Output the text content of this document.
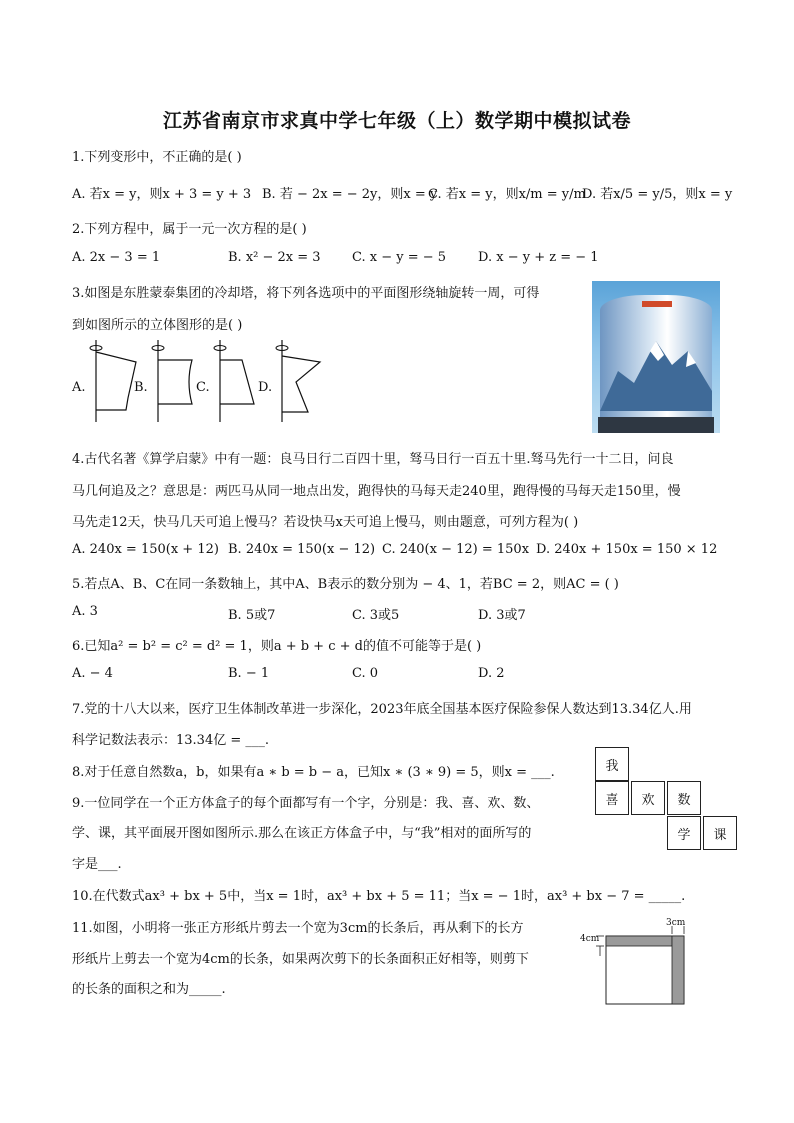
江苏省南京市求真中学七年级（上）数学期中模拟试卷
1.下列变形中，不正确的是( )
A. 若x = y，则x + 3 = y + 3 B. 若 − 2x = − 2y，则x = y
C. 若x = y，则x/m = y/m
D. 若x/5 = y/5，则x = y
2.下列方程中，属于一元一次方程的是( )
A. 2x − 3 = 1	B. x² − 2x = 3 C. x − y = − 5 D. x − y + z = − 1
3.如图是东胜蒙泰集团的冷却塔，将下列各选项中的平面图形绕轴旋转一周，可得
到如图所示的立体图形的是( )
A.	B.	C.	D.
4.古代名著《算学启蒙》中有一题：良马日行二百四十里，驽马日行一百五十里.驽马先行一十二日，问良
马几何追及之？意思是：两匹马从同一地点出发，跑得快的马每天走240里，跑得慢的马每天走150里，慢
马先走12天，快马几天可追上慢马？若设快马x天可追上慢马，则由题意，可列方程为( )
A. 240x = 150(x + 12) B. 240x = 150(x − 12) C. 240(x − 12) = 150x D. 240x + 150x = 150 × 12
5.若点A、B、C在同一条数轴上，其中A、B表示的数分别为 − 4、1，若BC = 2，则AC = ( )
A. 3	B. 5或7	C. 3或5	D. 3或7
6.已知a² = b² = c² = d² = 1，则a + b + c + d的值不可能等于是( )
A. − 4	B. − 1	C. 0	D. 2
7.党的十八大以来，医疗卫生体制改革进一步深化，2023年底全国基本医疗保险参保人数达到13.34亿人.用
科学记数法表示：13.34亿 = ___.
8.对于任意自然数a，b，如果有a ∗ b = b − a，已知x ∗ (3 ∗ 9) = 5，则x = ___.
9.一位同学在一个正方体盒子的每个面都写有一个字，分别是：我、喜、欢、数、
学、课，其平面展开图如图所示.那么在该正方体盒子中，与“我”相对的面所写的
字是___.
我
喜	欢	数
学	课
10.在代数式ax³ + bx + 5中，当x = 1时，ax³ + bx + 5 = 11；当x = − 1时，ax³ + bx − 7 = _____.
11.如图，小明将一张正方形纸片剪去一个宽为3cm的长条后，再从剩下的长方
形纸片上剪去一个宽为4cm的长条，如果两次剪下的长条面积正好相等，则剪下
的长条的面积之和为_____.
3cm
4cm
